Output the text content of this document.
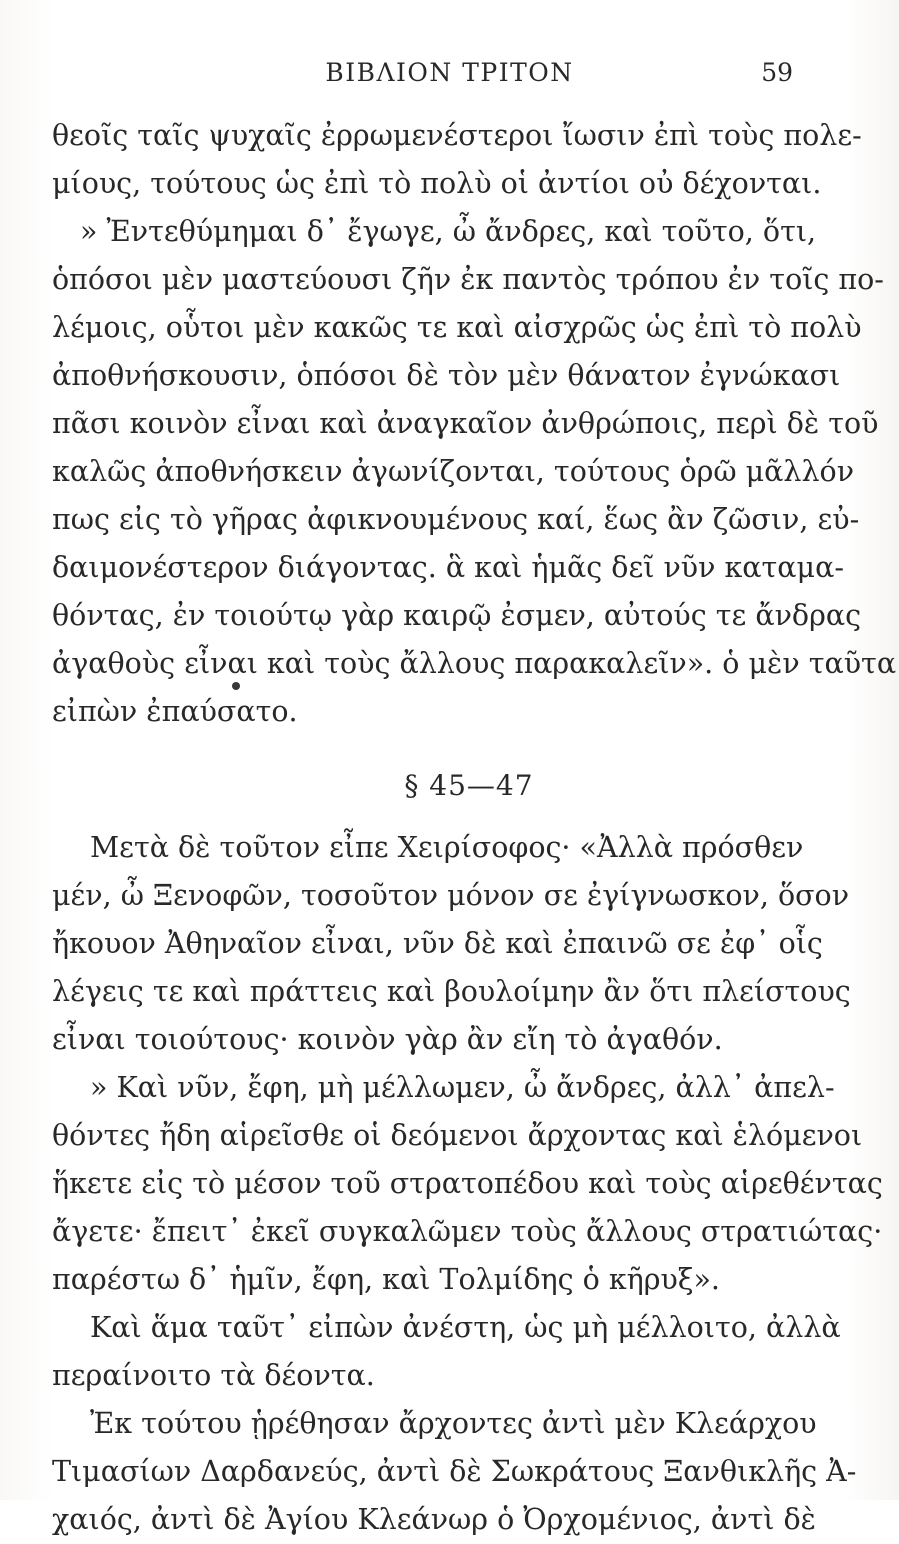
ΒΙΒΛΙΟΝ ΤΡΙΤΟΝ	59
θεοῖς ταῖς ψυχαῖς ἐρρωμενέστεροι ἴωσιν ἐπὶ τοὺς πολε-
μίους, τούτους ὡς ἐπὶ τὸ πολὺ οἱ ἀντίοι οὐ δέχονται.
» Ἐντεθύμημαι δ᾽ ἔγωγε, ὦ ἄνδρες, καὶ τοῦτο, ὅτι,
ὁπόσοι μὲν μαστεύουσι ζῆν ἐκ παντὸς τρόπου ἐν τοῖς πο-
λέμοις, οὗτοι μὲν κακῶς τε καὶ αἰσχρῶς ὡς ἐπὶ τὸ πολὺ
ἀποθνήσκουσιν, ὁπόσοι δὲ τὸν μὲν θάνατον ἐγνώκασι
πᾶσι κοινὸν εἶναι καὶ ἀναγκαῖον ἀνθρώποις, περὶ δὲ τοῦ
καλῶς ἀποθνήσκειν ἀγωνίζονται, τούτους ὁρῶ μᾶλλόν
πως εἰς τὸ γῆρας ἀφικνουμένους καί, ἕως ἂν ζῶσιν, εὐ-
δαιμονέστερον διάγοντας. ἃ καὶ ἡμᾶς δεῖ νῦν καταμα-
θόντας, ἐν τοιούτῳ γὰρ καιρῷ ἐσμεν, αὐτούς τε ἄνδρας
ἀγαθοὺς εἶναι καὶ τοὺς ἄλλους παρακαλεῖν». ὁ μὲν ταῦτα
εἰπὼν ἐπαύσατο.
§ 45—47
Μετὰ δὲ τοῦτον εἶπε Χειρίσοφος· «Ἀλλὰ πρόσθεν
μέν, ὦ Ξενοφῶν, τοσοῦτον μόνον σε ἐγίγνωσκον, ὅσον
ἤκουον Ἀθηναῖον εἶναι, νῦν δὲ καὶ ἐπαινῶ σε ἐφ᾽ οἷς
λέγεις τε καὶ πράττεις καὶ βουλοίμην ἂν ὅτι πλείστους
εἶναι τοιούτους· κοινὸν γὰρ ἂν εἴη τὸ ἀγαθόν.
» Καὶ νῦν, ἔφη, μὴ μέλλωμεν, ὦ ἄνδρες, ἀλλ᾽ ἀπελ-
θόντες ἤδη αἱρεῖσθε οἱ δεόμενοι ἄρχοντας καὶ ἑλόμενοι
ἥκετε εἰς τὸ μέσον τοῦ στρατοπέδου καὶ τοὺς αἱρεθέντας
ἄγετε· ἔπειτ᾽ ἐκεῖ συγκαλῶμεν τοὺς ἄλλους στρατιώτας·
παρέστω δ᾽ ἡμῖν, ἔφη, καὶ Τολμίδης ὁ κῆρυξ».
Καὶ ἅμα ταῦτ᾽ εἰπὼν ἀνέστη, ὡς μὴ μέλλοιτο, ἀλλὰ
περαίνοιτο τὰ δέοντα.
Ἐκ τούτου ᾑρέθησαν ἄρχοντες ἀντὶ μὲν Κλεάρχου
Τιμασίων Δαρδανεύς, ἀντὶ δὲ Σωκράτους Ξανθικλῆς Ἀ-
χαιός, ἀντὶ δὲ Ἀγίου Κλεάνωρ ὁ Ὀρχομένιος, ἀντὶ δὲ
